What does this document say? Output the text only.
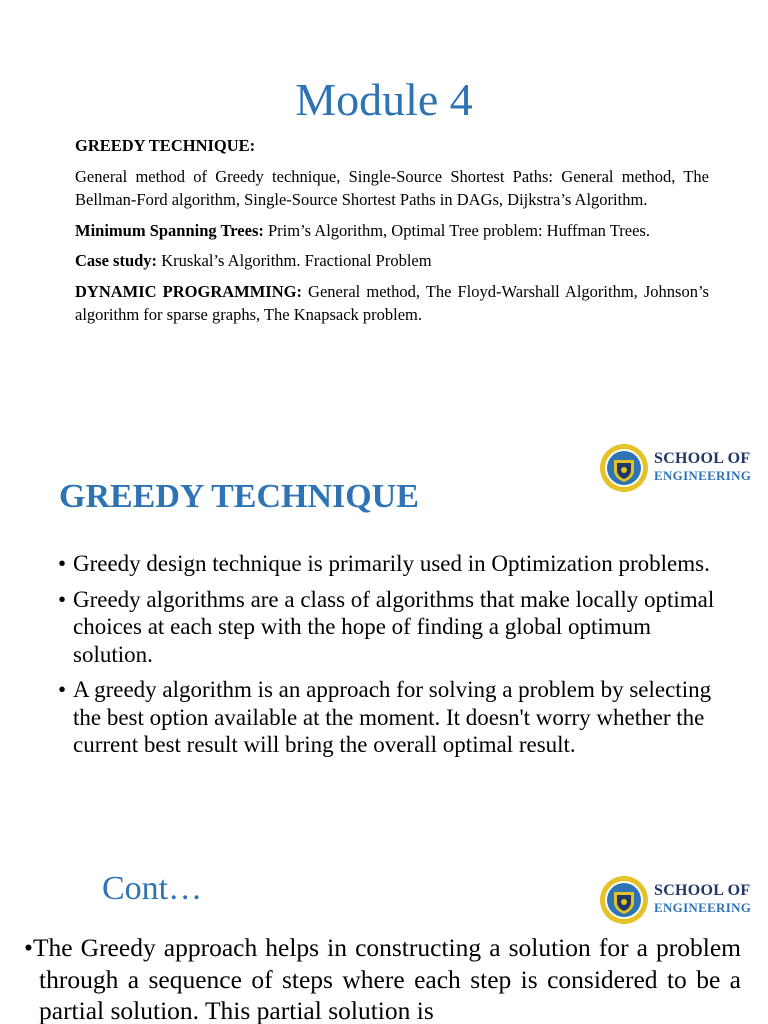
Module 4

GREEDY TECHNIQUE:

General method of Greedy technique, Single-Source Shortest Paths: General method, The Bellman-Ford algorithm, Single-Source Shortest Paths in DAGs, Dijkstra’s Algorithm.

Minimum Spanning Trees: Prim’s Algorithm, Optimal Tree problem: Huffman Trees.

Case study: Kruskal’s Algorithm. Fractional Problem

DYNAMIC PROGRAMMING: General method, The Floyd-Warshall Algorithm, Johnson’s algorithm for sparse graphs, The Knapsack problem.

SCHOOL OF
ENGINEERING
GREEDY TECHNIQUE
• Greedy design technique is primarily used in Optimization problems.
• Greedy algorithms are a class of algorithms that make locally optimal choices at each step with the hope of finding a global optimum solution.
• A greedy algorithm is an approach for solving a problem by selecting the best option available at the moment. It doesn't worry whether the current best result will bring the overall optimal result.
SCHOOL OF
ENGINEERING
Cont…

•The Greedy approach helps in constructing a solution for a problem through a sequence of steps where each step is considered to be a partial solution. This partial solution is
